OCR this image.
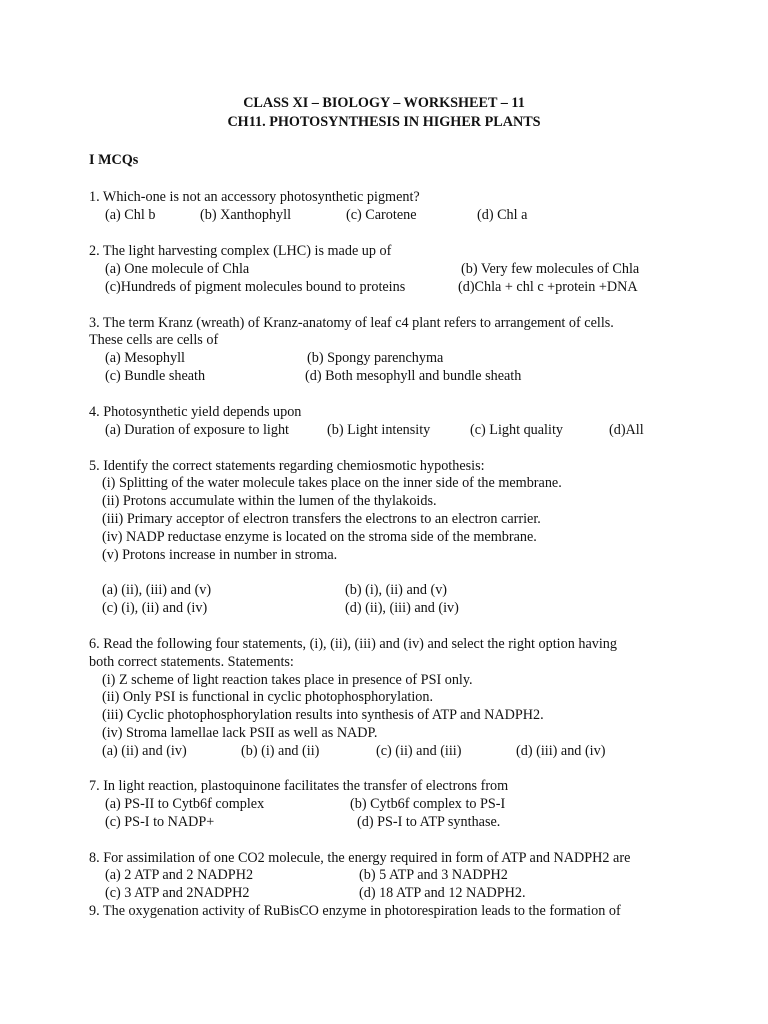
CLASS XI – BIOLOGY – WORKSHEET – 11
CH11. PHOTOSYNTHESIS IN HIGHER PLANTS
I MCQs
1. Which-one is not an accessory photosynthetic pigment?
(a) Chl b	(b) Xanthophyll	(c) Carotene	(d) Chl a
2. The light harvesting complex (LHC) is made up of
(a) One molecule of Chla	(b) Very few molecules of Chla
(c)Hundreds of pigment molecules bound to proteins	(d)Chla + chl c +protein +DNA
3. The term Kranz (wreath) of Kranz-anatomy of leaf c4 plant refers to arrangement of cells.
These cells are cells of
(a) Mesophyll	(b) Spongy parenchyma
(c) Bundle sheath	(d) Both mesophyll and bundle sheath
4. Photosynthetic yield depends upon
(a) Duration of exposure to light	(b) Light intensity	(c) Light quality	(d)All
5. Identify the correct statements regarding chemiosmotic hypothesis:
(i) Splitting of the water molecule takes place on the inner side of the membrane.
(ii) Protons accumulate within the lumen of the thylakoids.
(iii) Primary acceptor of electron transfers the electrons to an electron carrier.
(iv) NADP reductase enzyme is located on the stroma side of the membrane.
(v) Protons increase in number in stroma.
(a) (ii), (iii) and (v)	(b) (i), (ii) and (v)
(c) (i), (ii) and (iv)	(d) (ii), (iii) and (iv)
6. Read the following four statements, (i), (ii), (iii) and (iv) and select the right option having
both correct statements. Statements:
(i) Z scheme of light reaction takes place in presence of PSI only.
(ii) Only PSI is functional in cyclic photophosphorylation.
(iii) Cyclic photophosphorylation results into synthesis of ATP and NADPH2.
(iv) Stroma lamellae lack PSII as well as NADP.
(a) (ii) and (iv)	(b) (i) and (ii)	(c) (ii) and (iii)	(d) (iii) and (iv)
7. In light reaction, plastoquinone facilitates the transfer of electrons from
(a) PS-II to Cytb6f complex	(b) Cytb6f complex to PS-I
(c) PS-I to NADP+	(d) PS-I to ATP synthase.
8. For assimilation of one CO2 molecule, the energy required in form of ATP and NADPH2 are
(a) 2 ATP and 2 NADPH2	(b) 5 ATP and 3 NADPH2
(c) 3 ATP and 2NADPH2	(d) 18 ATP and 12 NADPH2.
9. The oxygenation activity of RuBisCO enzyme in photorespiration leads to the formation of
